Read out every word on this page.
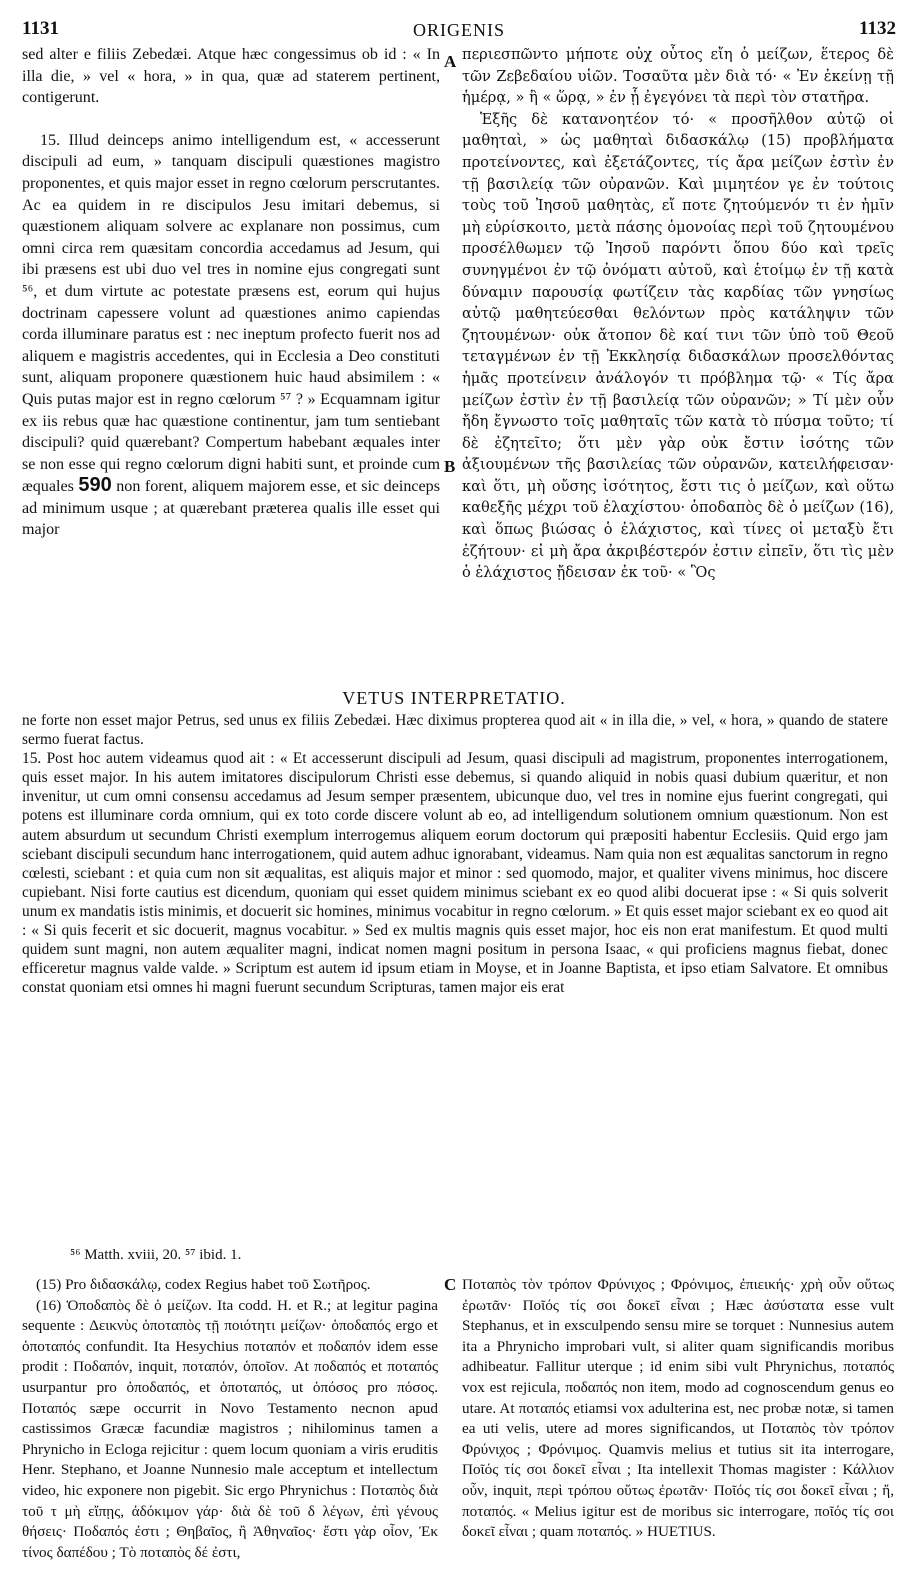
1131	ORIGENIS	1132

sed alter e filiis Zebedæi. Atque hæc congessimus ob id : « In illa die, » vel « hora, » in qua, quæ ad staterem pertinent, contigerunt.

15. Illud deinceps animo intelligendum est, « accesserunt discipuli ad eum, » tanquam discipuli quæstiones magistro proponentes, et quis major esset in regno cœlorum perscrutantes. Ac ea quidem in re discipulos Jesu imitari debemus, si quæstionem aliquam solvere ac explanare non possimus, cum omni circa rem quæsitam concordia accedamus ad Jesum, qui ibi præsens est ubi duo vel tres in nomine ejus congregati sunt ⁵⁶, et dum virtute ac potestate præsens est, eorum qui hujus doctrinam capessere volunt ad quæstiones animo capiendas corda illuminare paratus est : nec ineptum profecto fuerit nos ad aliquem e magistris accedentes, qui in Ecclesia a Deo constituti sunt, aliquam proponere quæstionem huic haud absimilem : « Quis putas major est in regno cœlorum ⁵⁷ ? » Ecquamnam igitur ex iis rebus quæ hac quæstione continentur, jam tum sentiebant discipuli? quid quærebant? Compertum habebant æquales inter se non esse qui regno cœlorum digni habiti sunt, et proinde cum æquales 590 non forent, aliquem majorem esse, et sic deinceps ad minimum usque ; at quærebant præterea qualis ille esset qui major

A
B

περιεσπῶντο μήποτε οὐχ οὗτος εἴη ὁ μείζων, ἕτερος δὲ τῶν Ζεβεδαίου υἱῶν. Τοσαῦτα μὲν διὰ τό· « Ἐν ἐκείνῃ τῇ ἡμέρᾳ, » ἢ « ὥρᾳ, » ἐν ᾗ ἐγεγόνει τὰ περὶ τὸν στατῆρα.

Ἑξῆς δὲ κατανοητέον τό· « προσῆλθον αὐτῷ οἱ μαθηταὶ, » ὡς μαθηταὶ διδασκάλῳ (15) προβλήματα προτείνοντες, καὶ ἐξετάζοντες, τίς ἄρα μείζων ἐστὶν ἐν τῇ βασιλείᾳ τῶν οὐρανῶν. Καὶ μιμητέον γε ἐν τούτοις τοὺς τοῦ Ἰησοῦ μαθητὰς, εἴ ποτε ζητούμενόν τι ἐν ἡμῖν μὴ εὑρίσκοιτο, μετὰ πάσης ὁμονοίας περὶ τοῦ ζητουμένου προσέλθωμεν τῷ Ἰησοῦ παρόντι ὅπου δύο καὶ τρεῖς συνηγμένοι ἐν τῷ ὀνόματι αὐτοῦ, καὶ ἑτοίμῳ ἐν τῇ κατὰ δύναμιν παρουσίᾳ φωτίζειν τὰς καρδίας τῶν γνησίως αὐτῷ μαθητεύεσθαι θελόντων πρὸς κατάληψιν τῶν ζητουμένων· οὐκ ἄτοπον δὲ καί τινι τῶν ὑπὸ τοῦ Θεοῦ τεταγμένων ἐν τῇ Ἐκκλησίᾳ διδασκάλων προσελθόντας ἡμᾶς προτείνειν ἀνάλογόν τι πρόβλημα τῷ· « Τίς ἄρα μείζων ἐστὶν ἐν τῇ βασιλείᾳ τῶν οὐρανῶν; » Τί μὲν οὖν ἤδη ἔγνωστο τοῖς μαθηταῖς τῶν κατὰ τὸ πύσμα τοῦτο; τί δὲ ἐζητεῖτο; ὅτι μὲν γὰρ οὐκ ἔστιν ἰσότης τῶν ἀξιουμένων τῆς βασιλείας τῶν οὐρανῶν, κατειλήφεισαν· καὶ ὅτι, μὴ οὔσης ἰσότητος, ἔστι τις ὁ μείζων, καὶ οὕτω καθεξῆς μέχρι τοῦ ἐλαχίστου· ὁποδαπὸς δὲ ὁ μείζων (16), καὶ ὅπως βιώσας ὁ ἐλάχιστος, καὶ τίνες οἱ μεταξὺ ἔτι ἐζήτουν· εἰ μὴ ἄρα ἀκριβέστερόν ἐστιν εἰπεῖν, ὅτι τὶς μὲν ὁ ἐλάχιστος ᾔδεισαν ἐκ τοῦ· « Ὃς

VETUS INTERPRETATIO.

ne forte non esset major Petrus, sed unus ex filiis Zebedæi. Hæc diximus propterea quod ait « in illa die, » vel, « hora, » quando de statere sermo fuerat factus.

15. Post hoc autem videamus quod ait : « Et accesserunt discipuli ad Jesum, quasi discipuli ad magistrum, proponentes interrogationem, quis esset major. In his autem imitatores discipulorum Christi esse debemus, si quando aliquid in nobis quasi dubium quæritur, et non invenitur, ut cum omni consensu accedamus ad Jesum semper præsentem, ubicunque duo, vel tres in nomine ejus fuerint congregati, qui potens est illuminare corda omnium, qui ex toto corde discere volunt ab eo, ad intelligendum solutionem omnium quæstionum. Non est autem absurdum ut secundum Christi exemplum interrogemus aliquem eorum doctorum qui præpositi habentur Ecclesiis. Quid ergo jam sciebant discipuli secundum hanc interrogationem, quid autem adhuc ignorabant, videamus. Nam quia non est æqualitas sanctorum in regno cœlesti, sciebant : et quia cum non sit æqualitas, est aliquis major et minor : sed quomodo, major, et qualiter vivens minimus, hoc discere cupiebant. Nisi forte cautius est dicendum, quoniam qui esset quidem minimus sciebant ex eo quod alibi docuerat ipse : « Si quis solverit unum ex mandatis istis minimis, et docuerit sic homines, minimus vocabitur in regno cœlorum. » Et quis esset major sciebant ex eo quod ait : « Si quis fecerit et sic docuerit, magnus vocabitur. » Sed ex multis magnis quis esset major, hoc eis non erat manifestum. Et quod multi quidem sunt magni, non autem æqualiter magni, indicat nomen magni positum in persona Isaac, « qui proficiens magnus fiebat, donec efficeretur magnus valde valde. » Scriptum est autem id ipsum etiam in Moyse, et in Joanne Baptista, et ipso etiam Salvatore. Et omnibus constat quoniam etsi omnes hi magni fuerunt secundum Scripturas, tamen major eis erat

⁵⁶ Matth. xviii, 20. ⁵⁷ ibid. 1.

(15) Pro διδασκάλῳ, codex Regius habet τοῦ Σωτῆρος.

(16) Ὁποδαπὸς δὲ ὁ μείζων. Ita codd. H. et R.; at legitur pagina sequente : Δεικνὺς ὁποταπὸς τῇ ποιότητι μείζων· ὁποδαπός ergo et ὁποταπός confundit. Ita Hesychius ποταπόν et ποδαπόν idem esse prodit : Ποδαπόν, inquit, ποταπόν, ὁποῖον. At ποδαπός et ποταπός usurpantur pro ὁποδαπός, et ὁποταπός, ut ὁπόσος pro πόσος. Ποταπός sæpe occurrit in Novo Testamento necnon apud castissimos Græcæ facundiæ magistros ; nihilominus tamen a Phrynicho in Ecloga rejicitur : quem locum quoniam a viris eruditis Henr. Stephano, et Joanne Nunnesio male acceptum et intellectum video, hic exponere non pigebit. Sic ergo Phrynichus : Ποταπὸς διὰ τοῦ τ μὴ εἴπῃς, ἀδόκιμον γάρ· διὰ δὲ τοῦ δ λέγων, ἐπὶ γένους θήσεις· Ποδαπός ἐστι ; Θηβαῖος, ἢ Ἀθηναῖος· ἔστι γὰρ οἷον, Ἐκ τίνος δαπέδου ; Τὸ ποταπὸς δέ ἐστι,

C Ποταπὸς τὸν τρόπον Φρύνιχος ; Φρόνιμος, ἐπιεικής· χρὴ οὖν οὕτως ἐρωτᾶν· Ποῖός τίς σοι δοκεῖ εἶναι ; Hæc ἀσύστατα esse vult Stephanus, et in exsculpendo sensu mire se torquet : Nunnesius autem ita a Phrynicho improbari vult, si aliter quam significandis moribus adhibeatur. Fallitur uterque ; id enim sibi vult Phrynichus, ποταπός vox est rejicula, ποδαπός non item, modo ad cognoscendum genus eo utare. At ποταπός etiamsi vox adulterina est, nec probæ notæ, si tamen ea uti velis, utere ad mores significandos, ut Ποταπὸς τὸν τρόπον Φρύνιχος ; Φρόνιμος. Quamvis melius et tutius sit ita interrogare, Ποῖός τίς σοι δοκεῖ εἶναι ; Ita intellexit Thomas magister : Κάλλιον οὖν, inquit, περὶ τρόπου οὕτως ἐρωτᾶν· Ποῖός τίς σοι δοκεῖ εἶναι ; ἤ, ποταπός. « Melius igitur est de moribus sic interrogare, ποῖός τίς σοι δοκεῖ εἶναι ; quam ποταπός. » HUETIUS.
